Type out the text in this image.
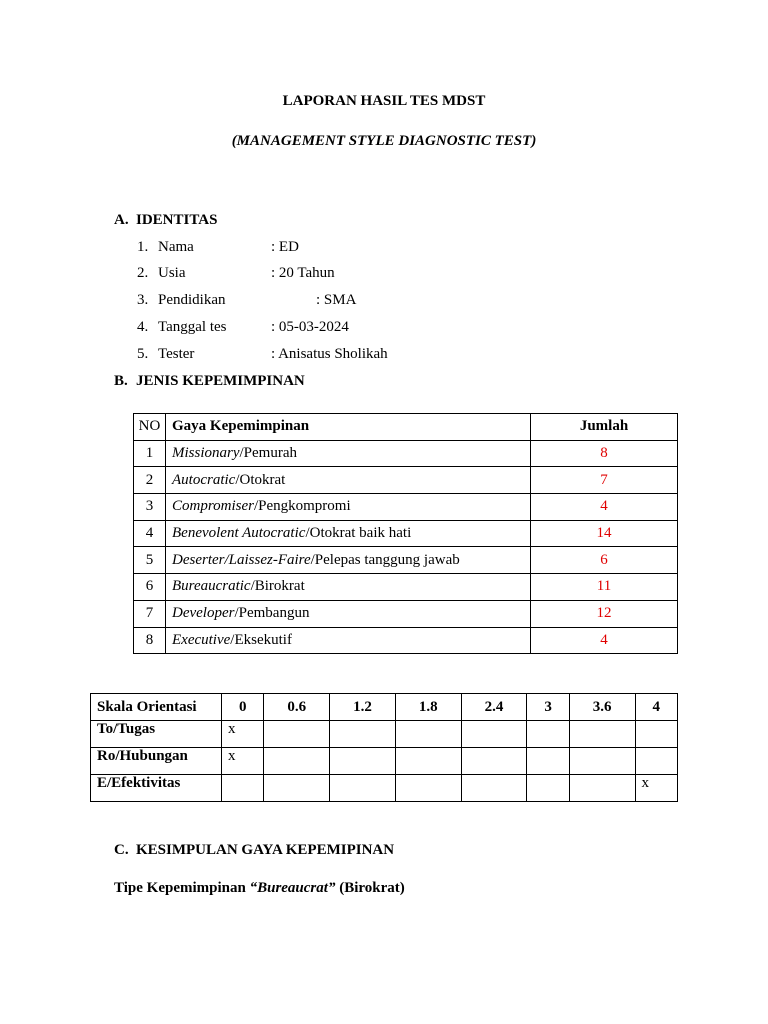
LAPORAN HASIL TES MDST
(MANAGEMENT STYLE DIAGNOSTIC TEST)
A. IDENTITAS
1. Nama	: ED
2. Usia	: 20 Tahun
3. Pendidikan	: SMA
4. Tanggal tes	: 05-03-2024
5. Tester	: Anisatus Sholikah
B. JENIS KEPEMIMPINAN
NO	Gaya Kepemimpinan	Jumlah
1	Missionary/Pemurah	8
2	Autocratic/Otokrat	7
3	Compromiser/Pengkompromi	4
4	Benevolent Autocratic/Otokrat baik hati	14
5	Deserter/Laissez-Faire/Pelepas tanggung jawab	6
6	Bureaucratic/Birokrat	11
7	Developer/Pembangun	12
8	Executive/Eksekutif	4
Skala Orientasi	0	0.6	1.2	1.8	2.4	3	3.6	4
To/Tugas	x							
Ro/Hubungan	x							
E/Efektivitas								x
C. KESIMPULAN GAYA KEPEMIPINAN
Tipe Kepemimpinan “Bureaucrat” (Birokrat)
